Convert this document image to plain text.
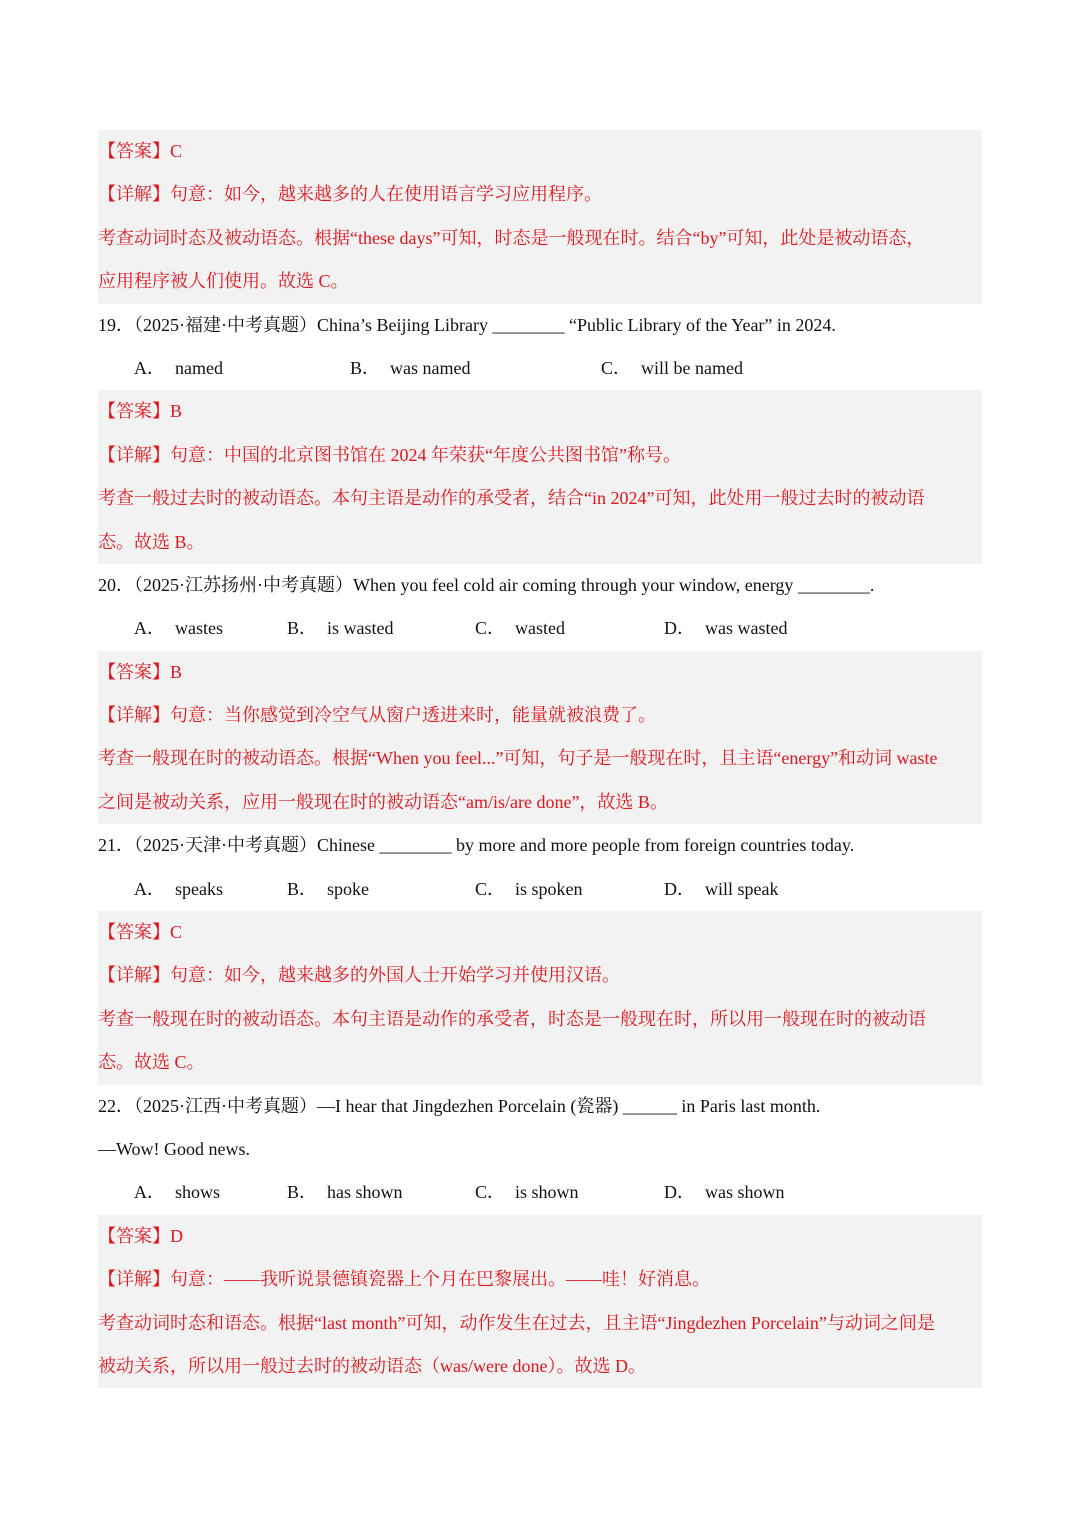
【答案】C
【详解】句意：如今，越来越多的人在使用语言学习应用程序。
考查动词时态及被动语态。根据“these days”可知，时态是一般现在时。结合“by”可知，此处是被动语态，
应用程序被人们使用。故选 C。
19．（2025·福建·中考真题）China’s Beijing Library ________ “Public Library of the Year” in 2024.
A． named	B． was named	C． will be named
【答案】B
【详解】句意：中国的北京图书馆在 2024 年荣获“年度公共图书馆”称号。
考查一般过去时的被动语态。本句主语是动作的承受者，结合“in 2024”可知，此处用一般过去时的被动语
态。故选 B。
20．（2025·江苏扬州·中考真题）When you feel cold air coming through your window, energy ________.
A． wastes	B． is wasted	C． wasted	D． was wasted
【答案】B
【详解】句意：当你感觉到冷空气从窗户透进来时，能量就被浪费了。
考查一般现在时的被动语态。根据“When you feel...”可知，句子是一般现在时，且主语“energy”和动词 waste
之间是被动关系，应用一般现在时的被动语态“am/is/are done”，故选 B。
21．（2025·天津·中考真题）Chinese ________ by more and more people from foreign countries today.
A． speaks	B． spoke	C． is spoken	D． will speak
【答案】C
【详解】句意：如今，越来越多的外国人士开始学习并使用汉语。
考查一般现在时的被动语态。本句主语是动作的承受者，时态是一般现在时，所以用一般现在时的被动语
态。故选 C。
22．（2025·江西·中考真题）—I hear that Jingdezhen Porcelain (瓷器) ______ in Paris last month.
—Wow! Good news.
A． shows	B． has shown	C． is shown	D． was shown
【答案】D
【详解】句意：——我听说景德镇瓷器上个月在巴黎展出。——哇！好消息。
考查动词时态和语态。根据“last month”可知，动作发生在过去，且主语“Jingdezhen Porcelain”与动词之间是
被动关系，所以用一般过去时的被动语态（was/were done）。故选 D。
